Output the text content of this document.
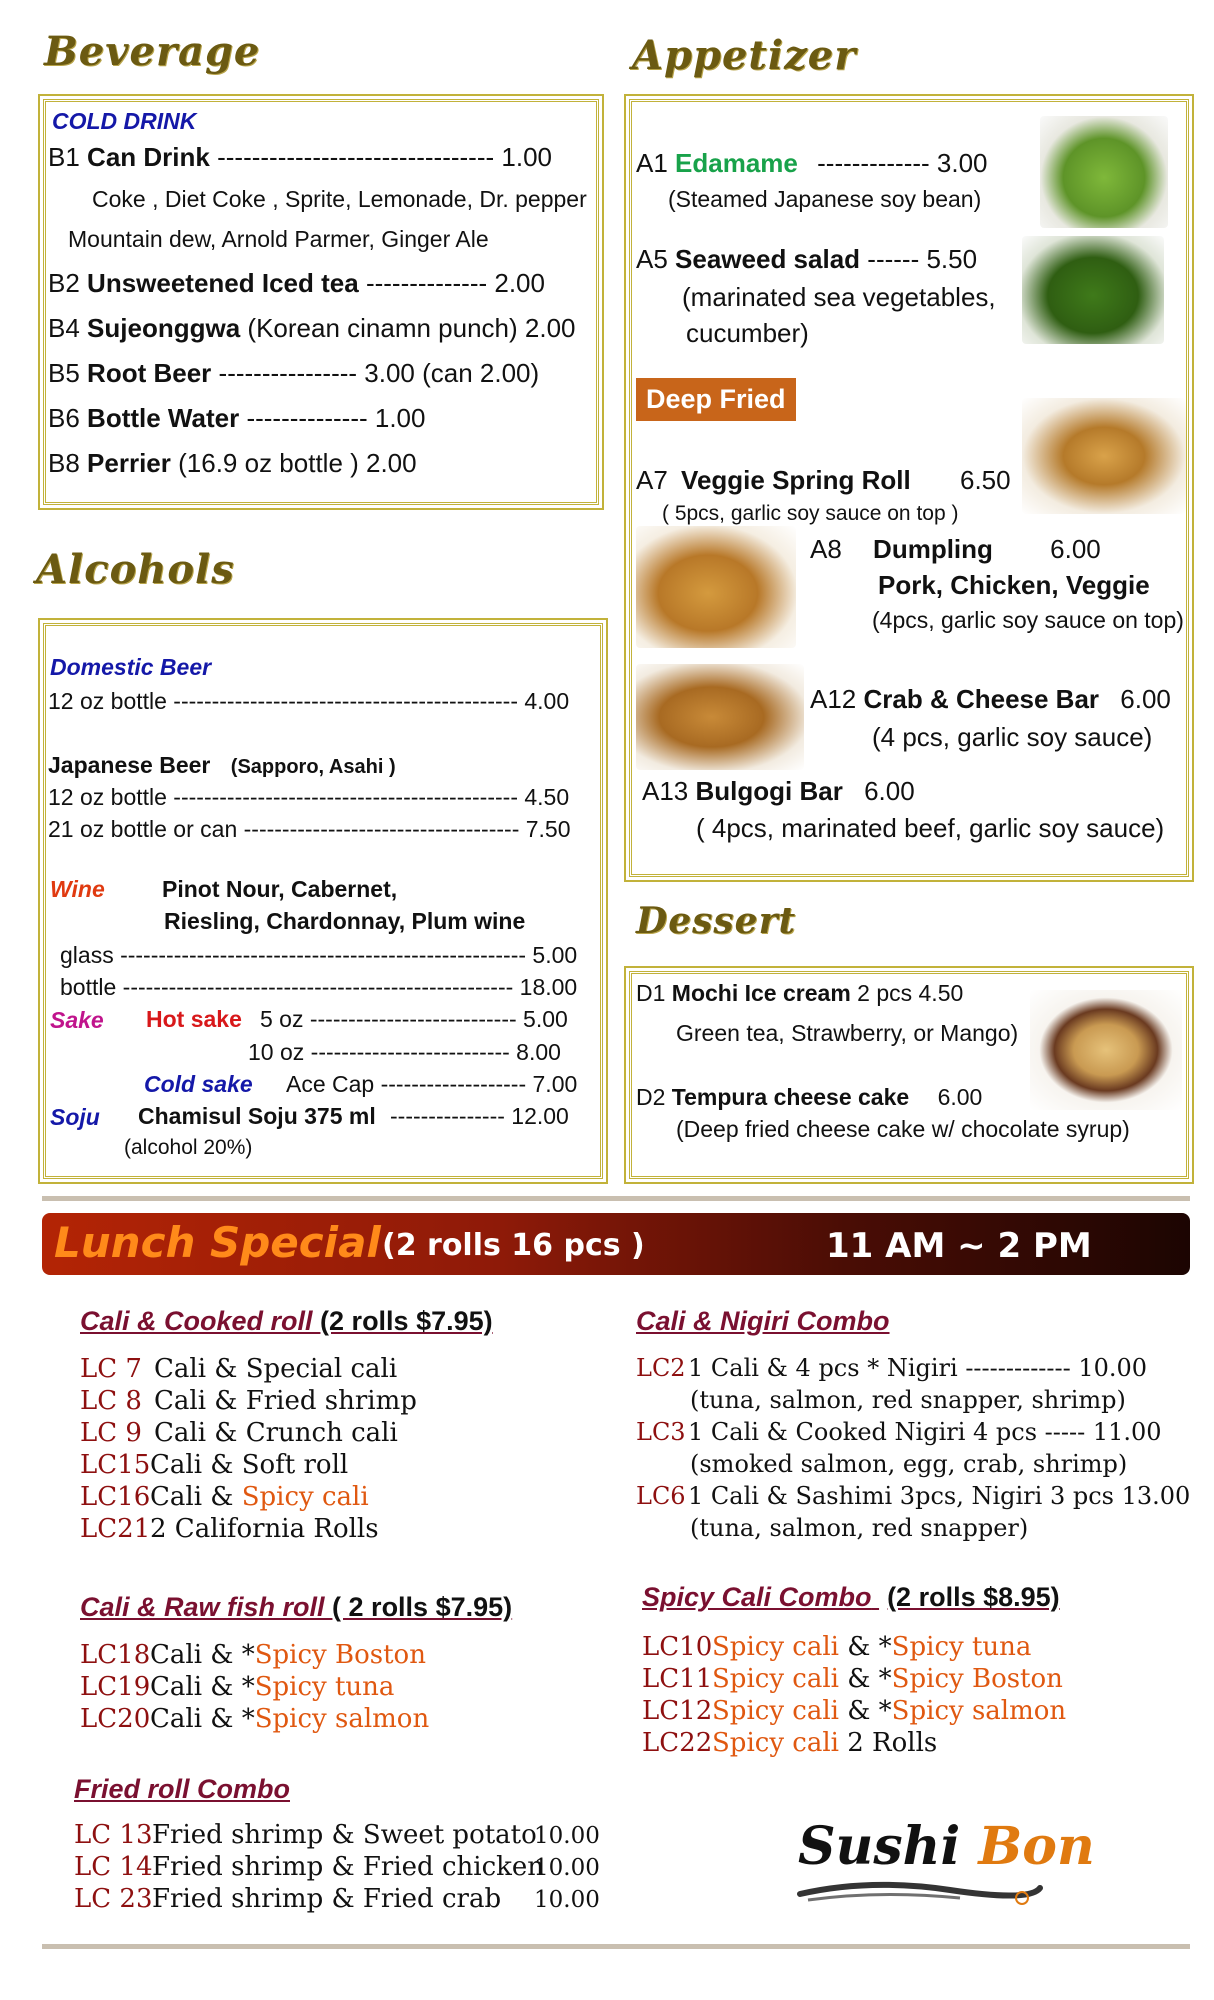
Beverage
COLD DRINK
B1 Can Drink -------------------------------- 1.00
Coke , Diet Coke , Sprite, Lemonade, Dr. pepper
Mountain dew, Arnold Parmer, Ginger Ale
B2 Unsweetened Iced tea -------------- 2.00
B4 Sujeonggwa (Korean cinamn punch) 2.00
B5 Root Beer ---------------- 3.00 (can 2.00)
B6 Bottle Water -------------- 1.00
B8 Perrier (16.9 oz bottle ) 2.00
Alcohols
Domestic Beer
12 oz bottle --------------------------------------------- 4.00
Japanese Beer (Sapporo, Asahi )
12 oz bottle --------------------------------------------- 4.50
21 oz bottle or can ------------------------------------ 7.50
Wine Pinot Nour, Cabernet,
Riesling, Chardonnay, Plum wine
glass ----------------------------------------------------- 5.00
bottle --------------------------------------------------- 18.00
Sake Hot sake 5 oz --------------------------- 5.00
10 oz -------------------------- 8.00
Cold sake Ace Cap ------------------- 7.00
Soju Chamisul Soju 375 ml --------------- 12.00
(alcohol 20%)
Appetizer
A1 Edamame ------------- 3.00
(Steamed Japanese soy bean)
A5 Seaweed salad ------ 5.50
(marinated sea vegetables,
cucumber)
Deep Fried
A7 Veggie Spring Roll 6.50
( 5pcs, garlic soy sauce on top )
A8 Dumpling 6.00
Pork, Chicken, Veggie
(4pcs, garlic soy sauce on top)
A12 Crab & Cheese Bar 6.00
(4 pcs, garlic soy sauce)
A13 Bulgogi Bar 6.00
( 4pcs, marinated beef, garlic soy sauce)
Dessert
D1 Mochi Ice cream 2 pcs 4.50
Green tea, Strawberry, or Mango)
D2 Tempura cheese cake 6.00
(Deep fried cheese cake w/ chocolate syrup)
Lunch Special (2 rolls 16 pcs )	11 AM ~ 2 PM
Cali & Cooked roll (2 rolls $7.95)
LC 7 Cali & Special cali
LC 8 Cali & Fried shrimp
LC 9 Cali & Crunch cali
LC15Cali & Soft roll
LC16Cali & Spicy cali
LC212 California Rolls
Cali & Raw fish roll ( 2 rolls $7.95)
LC18Cali & *Spicy Boston
LC19Cali & *Spicy tuna
LC20Cali & *Spicy salmon
Fried roll Combo
LC 13Fried shrimp & Sweet potato10.00
LC 14Fried shrimp & Fried chicken10.00
LC 23Fried shrimp & Fried crab 10.00
Cali & Nigiri Combo
LC2 1 Cali & 4 pcs * Nigiri ------------- 10.00
(tuna, salmon, red snapper, shrimp)
LC3 1 Cali & Cooked Nigiri 4 pcs ----- 11.00
(smoked salmon, egg, crab, shrimp)
LC6 1 Cali & Sashimi 3pcs, Nigiri 3 pcs 13.00
(tuna, salmon, red snapper)
Spicy Cali Combo (2 rolls $8.95)
LC10Spicy cali & *Spicy tuna
LC11Spicy cali & *Spicy Boston
LC12Spicy cali & *Spicy salmon
LC22Spicy cali 2 Rolls
Sushi Bon
